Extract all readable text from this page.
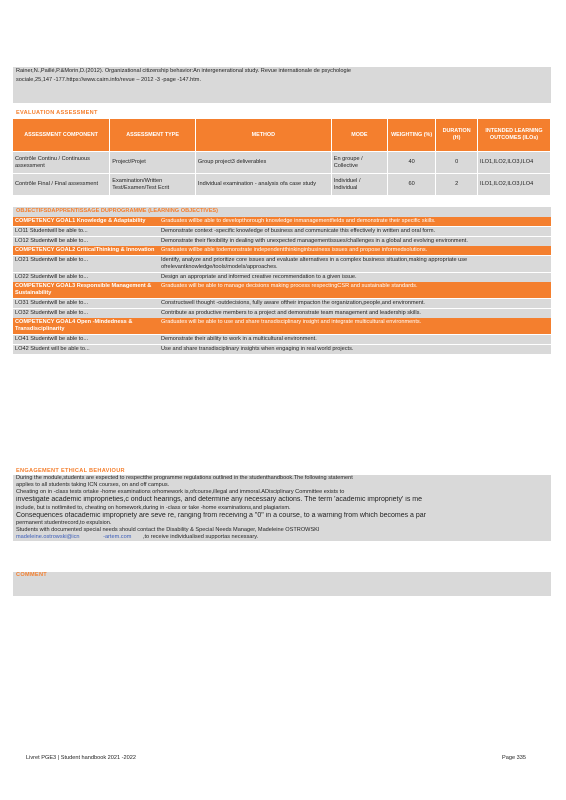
Rainer,N.,Paillé,P.&Morin,D.(2012). Organizational citizenship behavior:An intergenerational study. Revue internationale de psychologie
sociale,25,147 -177.https://www.cairn.info/revue – 2012 -3 -page -147.htm.
EVALUATION ASSESSMENT
ASSESSMENT COMPONENT	ASSESSMENT TYPE	METHOD	MODE	WEIGHTING (%)	DURATION (H)	INTENDED LEARNING OUTCOMES (ILOs)
Contrôle Continu / Continuous assessment	Project/Projet	Group project3 deliverables	En groupe / Collective	40	0	ILO1,ILO2,ILO3,ILO4
Contrôle Final / Final assessment	Examination/Written Test/Examen/Test Ecrit	Individual examination - analysis ofa case study	Individuel / Individual	60	2	ILO1,ILO2,ILO3,ILO4
OBJECTIFSDAPPRENTISSAGE DUPROGRAMME (LEARNING OBJECTIVES)
COMPETENCY GOAL1 Knowledge & Adaptability	Graduates willbe able to developthorough knowledge inmanagementfields and demonstrate their specific skills.	
LO11 Studentwill be able to...	Demonstrate context -specific knowledge of business and communicate this effectively in written and oral form.	
LO12 Studentwill be able to...	Demonstrate their flexibility in dealing with unexpected managementissues/challenges in a global and evolving environment.	
COMPETENCY GOAL2 CriticalThinking & Innovation	Graduates willbe able todemonstrate independentthinkinginbusiness issues and propose informedsolutions.	
LO21 Studentwill be able to...	Identify, analyze and prioritize core issues and evaluate alternatives in a complex business situation,making appropriate use ofrelevantknowledge/tools/models/approaches.	
LO22 Studentwill be able to...	Design an appropriate and informed creative recommendation to a given issue.	
COMPETENCY GOAL3 Responsible Management & Sustainability	Graduates will be able to manage decisions making process respectingCSR and sustainable standards.	
LO31 Studentwill be able to...	Constructwell thought -outdecisions, fully aware oftheir impacton the organization,people,and environment.	
LO32 Studentwill be able to...	Contribute as productive members to a project and demonstrate team management and leadership skills.	
COMPETENCY GOAL4 Open -Mindedness & Transdisciplinarity	Graduates will be able to use and share transdisciplinary insight and integrate multicultural environments.	
LO41 Studentwill be able to...	Demonstrate their ability to work in a multicultural environment.	
LO42 Student will be able to...	Use and share transdisciplinary insights when engaging in real world projects.	
ENGAGEMENT ETHICAL BEHAVIOUR
During the module,students are expected to respectthe programme regulations outlined in the studenthandbook.The following statement
applies to all students taking ICN courses, on and off campus.
Cheating on in -class tests ortake -home examinations orhomework is,ofcourse,illegal and immoral.ADisciplinary Committee exists to
investigate academic improprieties,c onduct hearings, and determine any necessary actions. The term 'academic impropriety' is me
include, but is notlimited to, cheating on homework,during in -class or take -home examinations,and plagiarism.
Consequences ofacademic impropriety are seve re, ranging from receiving a "0" in a course, to a warning from which becomes a par
permanent studentrecord,to expulsion.
Students with documented special needs should contact the Disability & Special Needs Manager, Madeleine OSTROWSKI
madeleine.ostrowski@icn	-artem.com ,to receive individualised supportas necessary.
COMMENT
Livret PGE3 | Student handbook 2021 -2022	Page 335
